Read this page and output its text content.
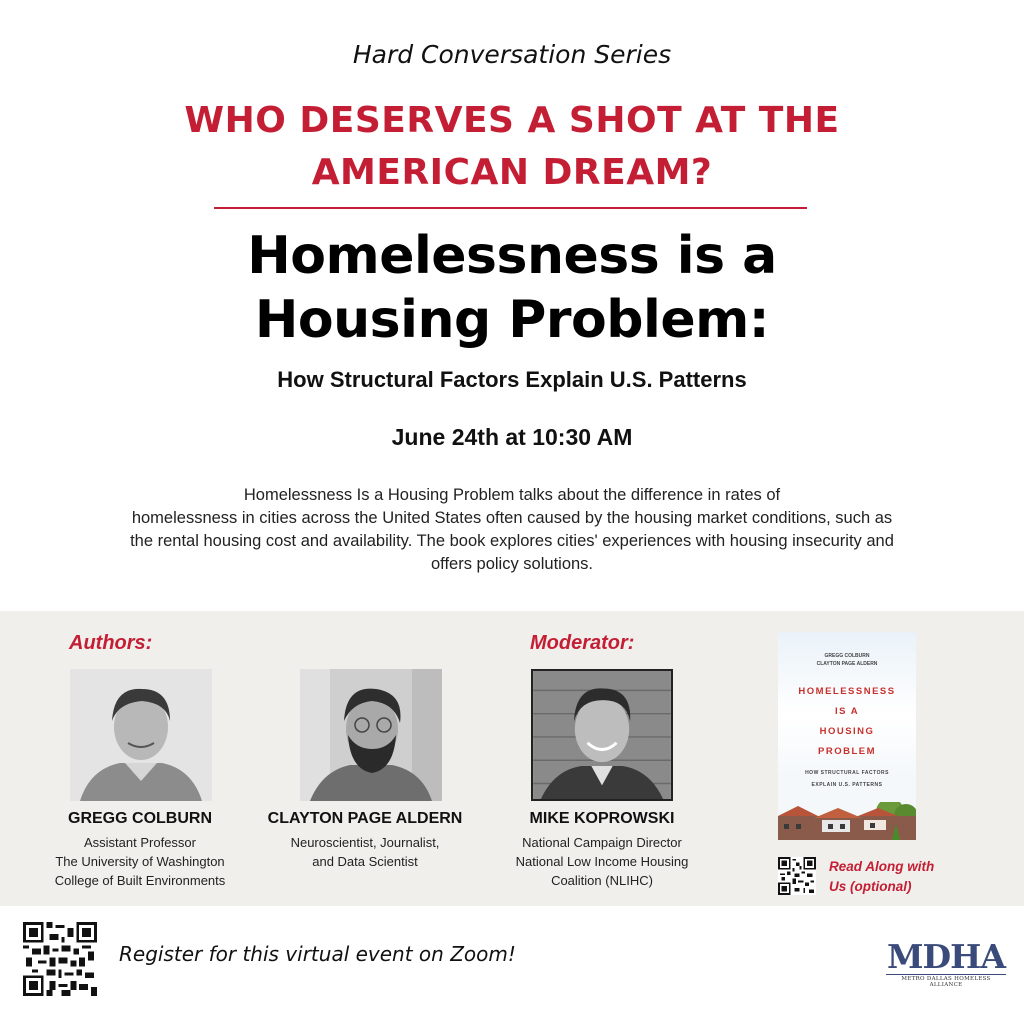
Hard Conversation Series
WHO DESERVES A SHOT AT THE
AMERICAN DREAM?
Homelessness is a
Housing Problem:
How Structural Factors Explain U.S. Patterns
June 24th at 10:30 AM
Homelessness Is a Housing Problem talks about the difference in rates of
homelessness in cities across the United States often caused by the housing market conditions, such as
the rental housing cost and availability. The book explores cities' experiences with housing insecurity and
offers policy solutions.
Authors:	Moderator:
GREGG COLBURN
Assistant Professor
The University of Washington
College of Built Environments
CLAYTON PAGE ALDERN
Neuroscientist, Journalist,
and Data Scientist
MIKE KOPROWSKI
National Campaign Director
National Low Income Housing
Coalition (NLIHC)
GREGG COLBURN
CLAYTON PAGE ALDERN
HOMELESSNESS
IS A
HOUSING
PROBLEM
HOW STRUCTURAL FACTORS
EXPLAIN U.S. PATTERNS
Read Along with
Us (optional)
Register for this virtual event on Zoom!	MDHA
METRO DALLAS HOMELESS ALLIANCE
